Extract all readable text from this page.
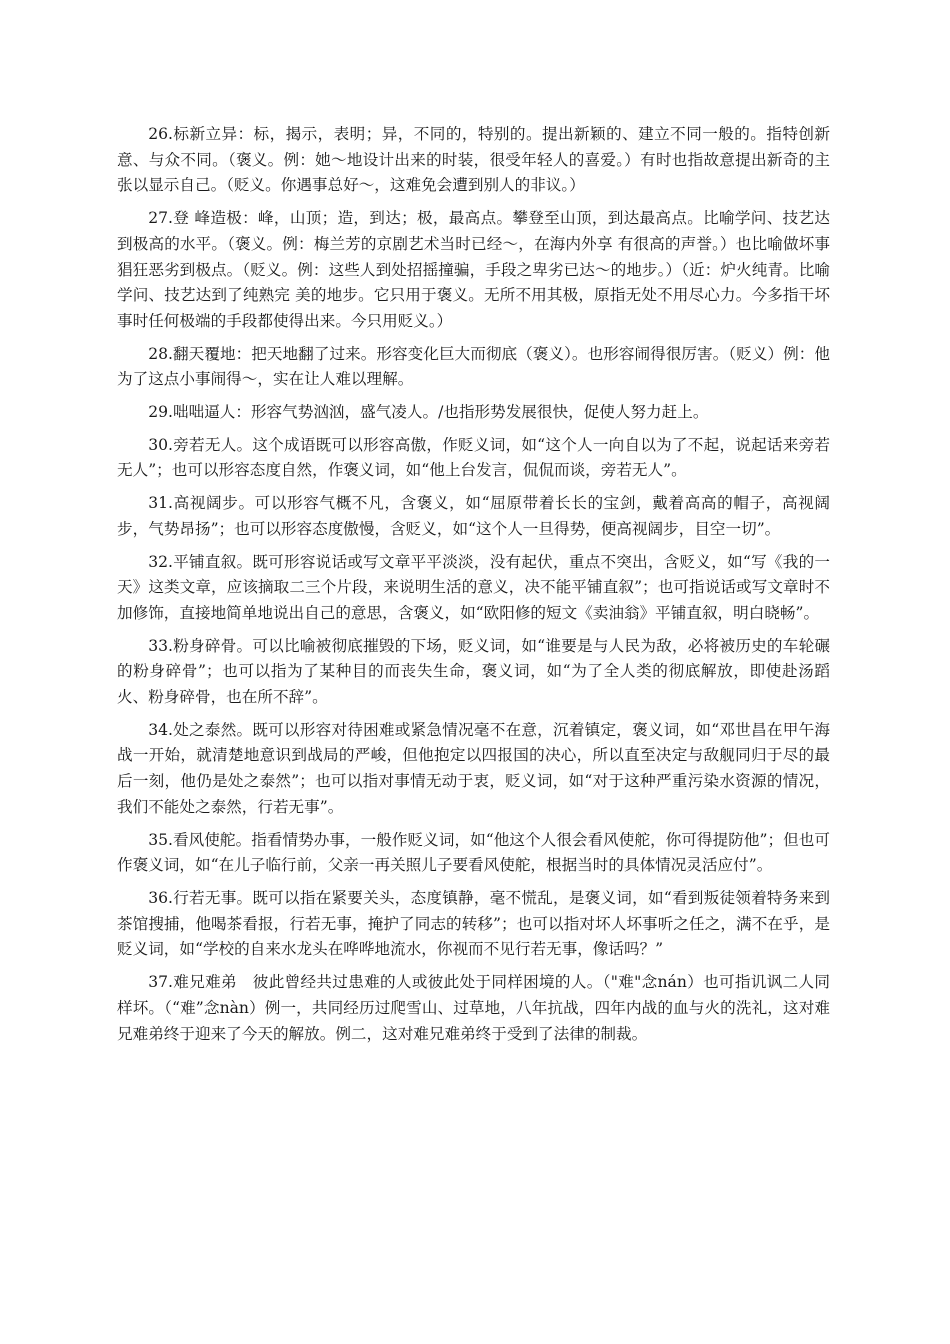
26.标新立异：标，揭示，表明；异，不同的，特别的。提出新颖的、建立不同一般的。指特创新意、与众不同。（褒义。例：她～地设计出来的时装，很受年轻人的喜爱。）有时也指故意提出新奇的主张以显示自己。（贬义。你遇事总好～，这难免会遭到别人的非议。）

27.登 峰造极：峰，山顶；造，到达；极，最高点。攀登至山顶，到达最高点。比喻学问、技艺达到极高的水平。（褒义。例：梅兰芳的京剧艺术当时已经～，在海内外享 有很高的声誉。）也比喻做坏事猖狂恶劣到极点。（贬义。例：这些人到处招摇撞骗，手段之卑劣已达～的地步。）（近：炉火纯青。比喻学问、技艺达到了纯熟完 美的地步。它只用于褒义。无所不用其极，原指无处不用尽心力。今多指干坏事时任何极端的手段都使得出来。今只用贬义。）

28.翻天覆地：把天地翻了过来。形容变化巨大而彻底（褒义）。也形容闹得很厉害。（贬义）例：他为了这点小事闹得～，实在让人难以理解。

29.咄咄逼人：形容气势汹汹，盛气凌人。/也指形势发展很快，促使人努力赶上。

30.旁若无人。这个成语既可以形容高傲，作贬义词，如“这个人一向自以为了不起，说起话来旁若无人”；也可以形容态度自然，作褒义词，如“他上台发言，侃侃而谈，旁若无人”。

31.高视阔步。可以形容气概不凡，含褒义，如“屈原带着长长的宝剑，戴着高高的帽子，高视阔步，气势昂扬”；也可以形容态度傲慢，含贬义，如“这个人一旦得势，便高视阔步，目空一切”。

32.平铺直叙。既可形容说话或写文章平平淡淡，没有起伏，重点不突出，含贬义，如“写《我的一天》这类文章，应该摘取二三个片段，来说明生活的意义，决不能平铺直叙”；也可指说话或写文章时不加修饰，直接地简单地说出自己的意思，含褒义，如“欧阳修的短文《卖油翁》平铺直叙，明白晓畅”。

33.粉身碎骨。可以比喻被彻底摧毁的下场，贬义词，如“谁要是与人民为敌，必将被历史的车轮碾的粉身碎骨”；也可以指为了某种目的而丧失生命，褒义词，如“为了全人类的彻底解放，即使赴汤蹈火、粉身碎骨，也在所不辞”。

34.处之泰然。既可以形容对待困难或紧急情况毫不在意，沉着镇定，褒义词，如“邓世昌在甲午海战一开始，就清楚地意识到战局的严峻，但他抱定以四报国的决心，所以直至决定与敌舰同归于尽的最后一刻，他仍是处之泰然”；也可以指对事情无动于衷，贬义词，如“对于这种严重污染水资源的情况，我们不能处之泰然，行若无事”。

35.看风使舵。指看情势办事，一般作贬义词，如“他这个人很会看风使舵，你可得提防他”；但也可作褒义词，如“在儿子临行前，父亲一再关照儿子要看风使舵，根据当时的具体情况灵活应付”。

36.行若无事。既可以指在紧要关头，态度镇静，毫不慌乱，是褒义词，如“看到叛徒领着特务来到茶馆搜捕，他喝茶看报，行若无事，掩护了同志的转移”；也可以指对坏人坏事听之任之，满不在乎，是贬义词，如“学校的自来水龙头在哗哗地流水，你视而不见行若无事，像话吗？”

37.难兄难弟　彼此曾经共过患难的人或彼此处于同样困境的人。（"难"念nán）也可指讥讽二人同样坏。（“难”念nàn）例一，共同经历过爬雪山、过草地，八年抗战，四年内战的血与火的洗礼，这对难兄难弟终于迎来了今天的解放。例二，这对难兄难弟终于受到了法律的制裁。
